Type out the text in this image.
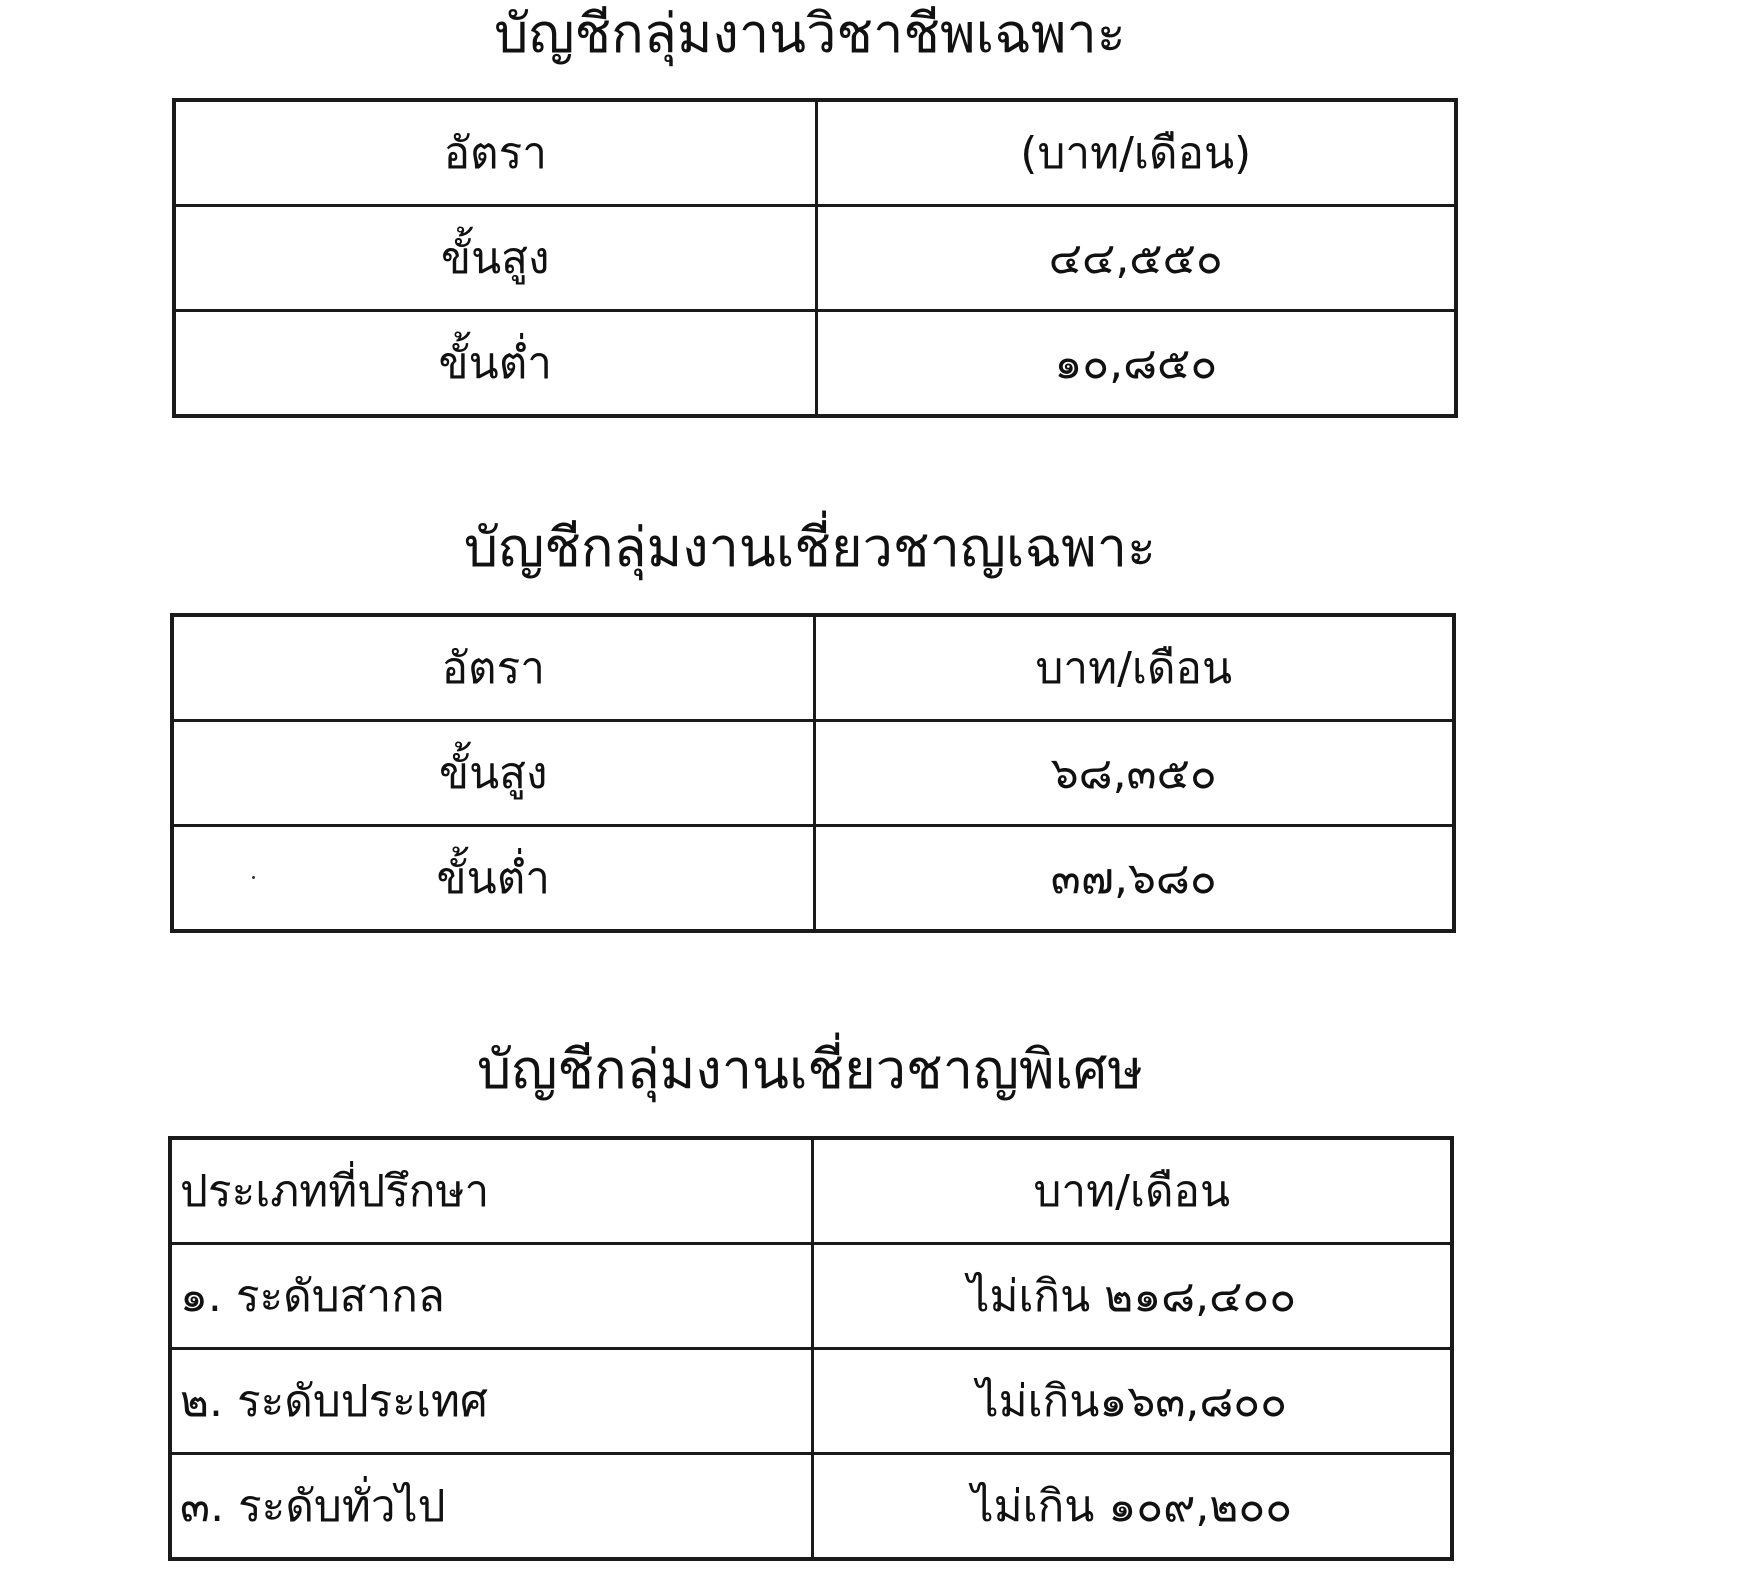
บัญชีกลุ่มงานวิชาชีพเฉพาะ
อัตรา	(บาท/เดือน)
ขั้นสูง	๔๔,๕๕๐
ขั้นต่ำ	๑๐,๘๕๐
บัญชีกลุ่มงานเชี่ยวชาญเฉพาะ
อัตรา	บาท/เดือน
ขั้นสูง	๖๘,๓๕๐
ขั้นต่ำ	๓๗,๖๘๐
บัญชีกลุ่มงานเชี่ยวชาญพิเศษ
ประเภทที่ปรึกษา	บาท/เดือน
๑. ระดับสากล	ไม่เกิน ๒๑๘,๔๐๐
๒. ระดับประเทศ	ไม่เกิน๑๖๓,๘๐๐
๓. ระดับทั่วไป	ไม่เกิน ๑๐๙,๒๐๐
